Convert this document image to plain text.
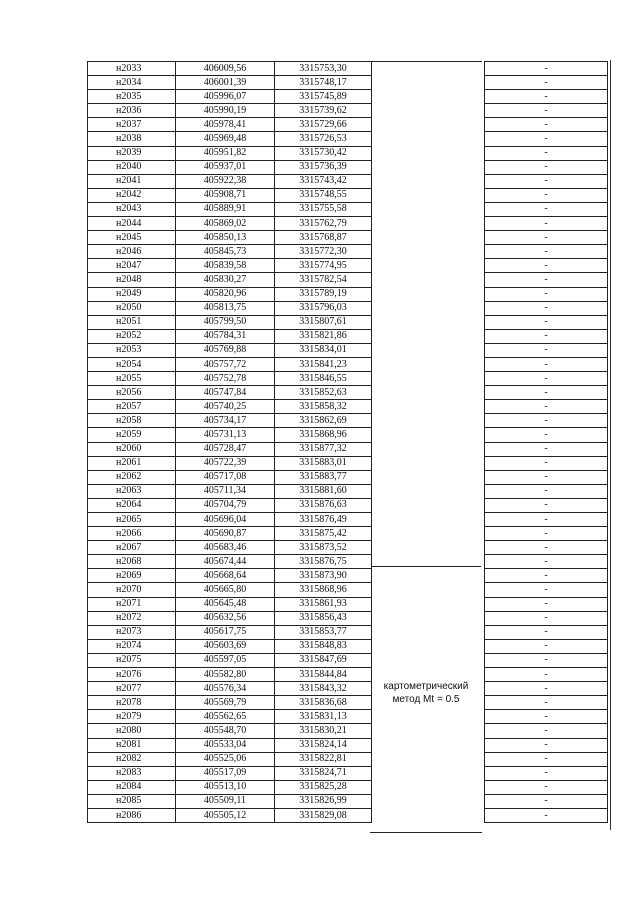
н2033	406009,56	3315753,30		-
н2034	406001,39	3315748,17		-
н2035	405996,07	3315745,89		-
н2036	405990,19	3315739,62		-
н2037	405978,41	3315729,66		-
н2038	405969,48	3315726,53		-
н2039	405951,82	3315730,42		-
н2040	405937,01	3315736,39		-
н2041	405922,38	3315743,42		-
н2042	405908,71	3315748,55		-
н2043	405889,91	3315755,58		-
н2044	405869,02	3315762,79		-
н2045	405850,13	3315768,87		-
н2046	405845,73	3315772,30		-
н2047	405839,58	3315774,95		-
н2048	405830,27	3315782,54		-
н2049	405820,96	3315789,19		-
н2050	405813,75	3315796,03		-
н2051	405799,50	3315807,61		-
н2052	405784,31	3315821,86		-
н2053	405769,88	3315834,01		-
н2054	405757,72	3315841,23		-
н2055	405752,78	3315846,55		-
н2056	405747,84	3315852,63		-
н2057	405740,25	3315858,32		-
н2058	405734,17	3315862,69		-
н2059	405731,13	3315868,96		-
н2060	405728,47	3315877,32		-
н2061	405722,39	3315883,01		-
н2062	405717,08	3315883,77		-
н2063	405711,34	3315881,60		-
н2064	405704,79	3315876,63		-
н2065	405696,04	3315876,49		-
н2066	405690,87	3315875,42		-
н2067	405683,46	3315873,52		-
н2068	405674,44	3315876,75		-
н2069	405668,64	3315873,90		-
н2070	405665,80	3315868,96		-
н2071	405645,48	3315861,93		-
н2072	405632,56	3315856,43		-
н2073	405617,75	3315853,77		-
н2074	405603,69	3315848,83		-
н2075	405597,05	3315847,69		-
н2076	405582,80	3315844,84		-
н2077	405576,34	3315843,32		-
н2078	405569,79	3315836,68		-
н2079	405562,65	3315831,13		-
н2080	405548,70	3315830,21		-
н2081	405533,04	3315824,14		-
н2082	405525,06	3315822,81		-
н2083	405517,09	3315824,71		-
н2084	405513,10	3315825,28		-
н2085	405509,11	3315826,99		-
н2086	405505,12	3315829,08		-
картометрический
метод Mt = 0.5
